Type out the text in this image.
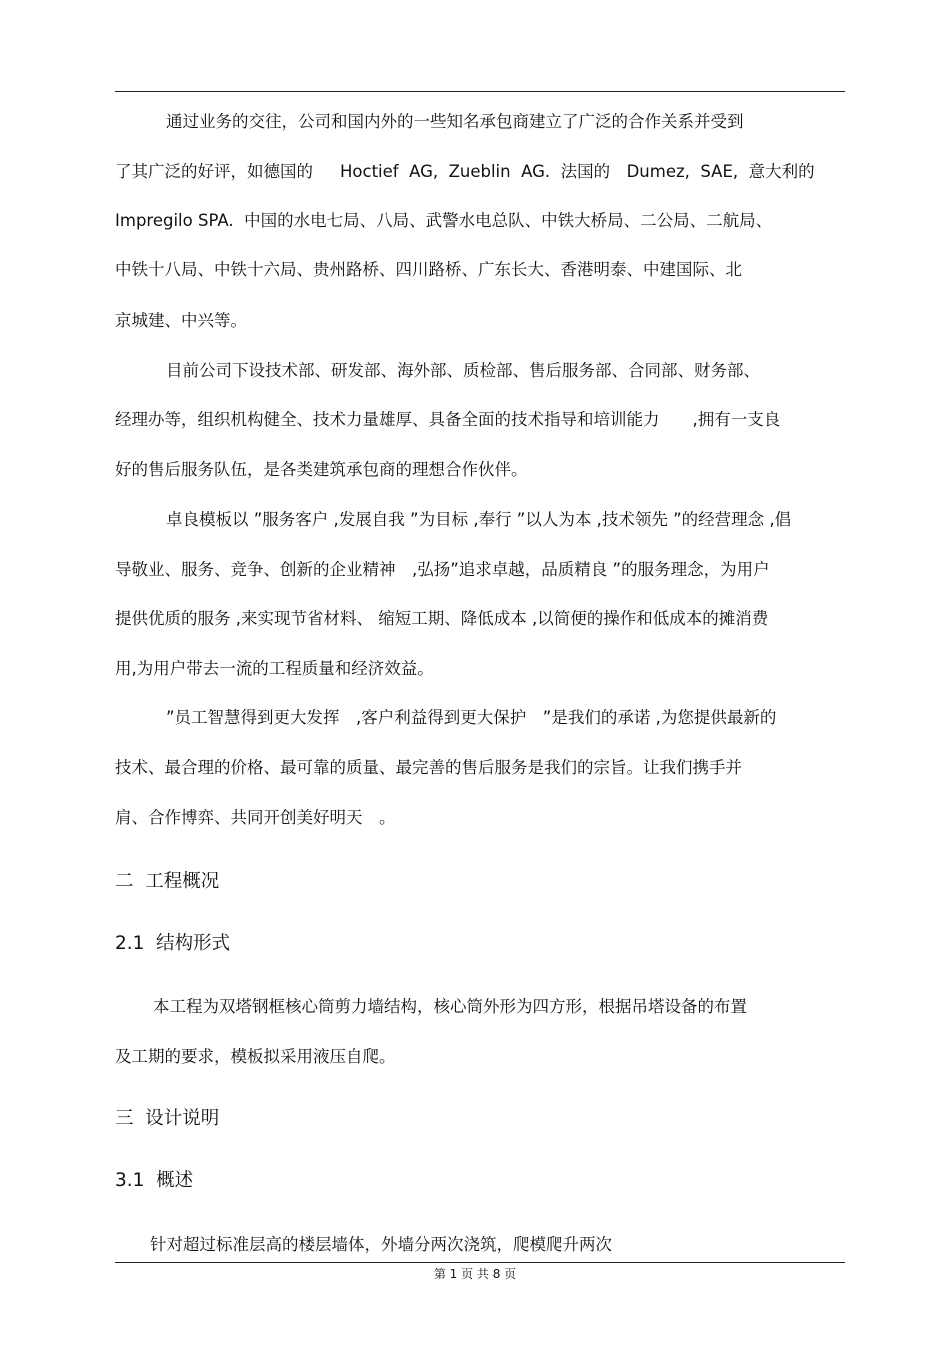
通过业务的交往，公司和国内外的一些知名承包商建立了广泛的合作关系并受到
了其广泛的好评，如德国的　  Hoctief  AG,  Zueblin  AG.  法国的　Dumez,  SAE,  意大利的
Impregilo SPA.  中国的水电七局、八局、武警水电总队、中铁大桥局、二公局、二航局、
中铁十八局、中铁十六局、贵州路桥、四川路桥、广东长大、香港明泰、中建国际、北
京城建、中兴等。
目前公司下设技术部、研发部、海外部、质检部、售后服务部、合同部、财务部、
经理办等，组织机构健全、技术力量雄厚、具备全面的技术指导和培训能力　　,拥有一支良
好的售后服务队伍，是各类建筑承包商的理想合作伙伴。
卓良模板以 ”服务客户 ,发展自我 ”为目标 ,奉行 ”以人为本 ,技术领先 ”的经营理念 ,倡
导敬业、服务、竞争、创新的企业精神　,弘扬”追求卓越，品质精良 ”的服务理念，为用户
提供优质的服务 ,来实现节省材料、 缩短工期、降低成本 ,以简便的操作和低成本的摊消费
用,为用户带去一流的工程质量和经济效益。
”员工智慧得到更大发挥　,客户利益得到更大保护　”是我们的承诺 ,为您提供最新的
技术、最合理的价格、最可靠的质量、最完善的售后服务是我们的宗旨。让我们携手并
肩、合作博弈、共同开创美好明天　。
二  工程概况
2.1  结构形式
本工程为双塔钢框核心筒剪力墙结构，核心筒外形为四方形，根据吊塔设备的布置
及工期的要求，模板拟采用液压自爬。
三  设计说明
3.1  概述
针对超过标准层高的楼层墙体，外墙分两次浇筑，爬模爬升两次
第 1 页 共 8 页
